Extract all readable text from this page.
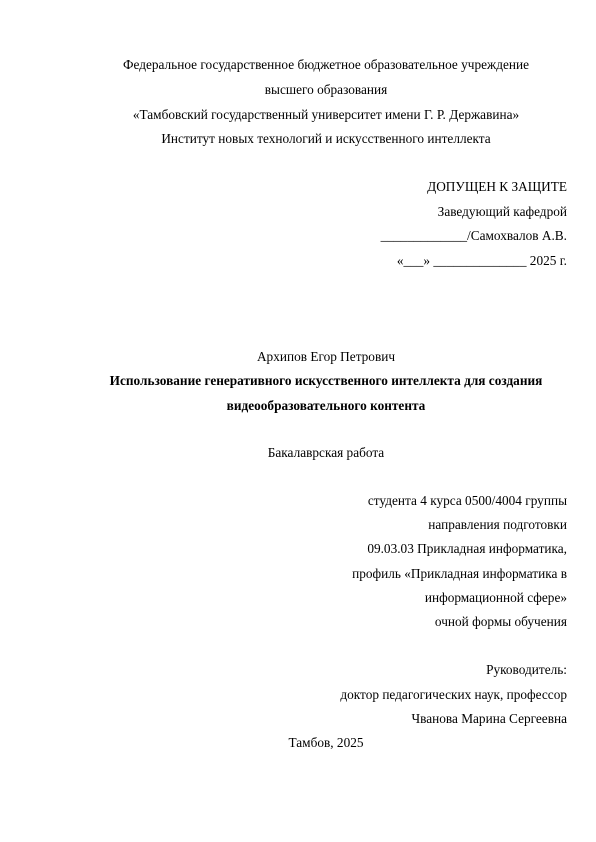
Федеральное государственное бюджетное образовательное учреждение
высшего образования
«Тамбовский государственный университет имени Г. Р. Державина»
Институт новых технологий и искусственного интеллекта
ДОПУЩЕН К ЗАЩИТЕ
Заведующий кафедрой
_____________/Самохвалов А.В.
«___» ______________ 2025 г.
Архипов Егор Петрович
Использование генеративного искусственного интеллекта для создания
видеообразовательного контента
Бакалаврская работа
студента 4 курса 0500/4004 группы
направления подготовки
09.03.03 Прикладная информатика,
профиль «Прикладная информатика в
информационной сфере»
очной формы обучения
Руководитель:
доктор педагогических наук, профессор
Чванова Марина Сергеевна
Тамбов, 2025
